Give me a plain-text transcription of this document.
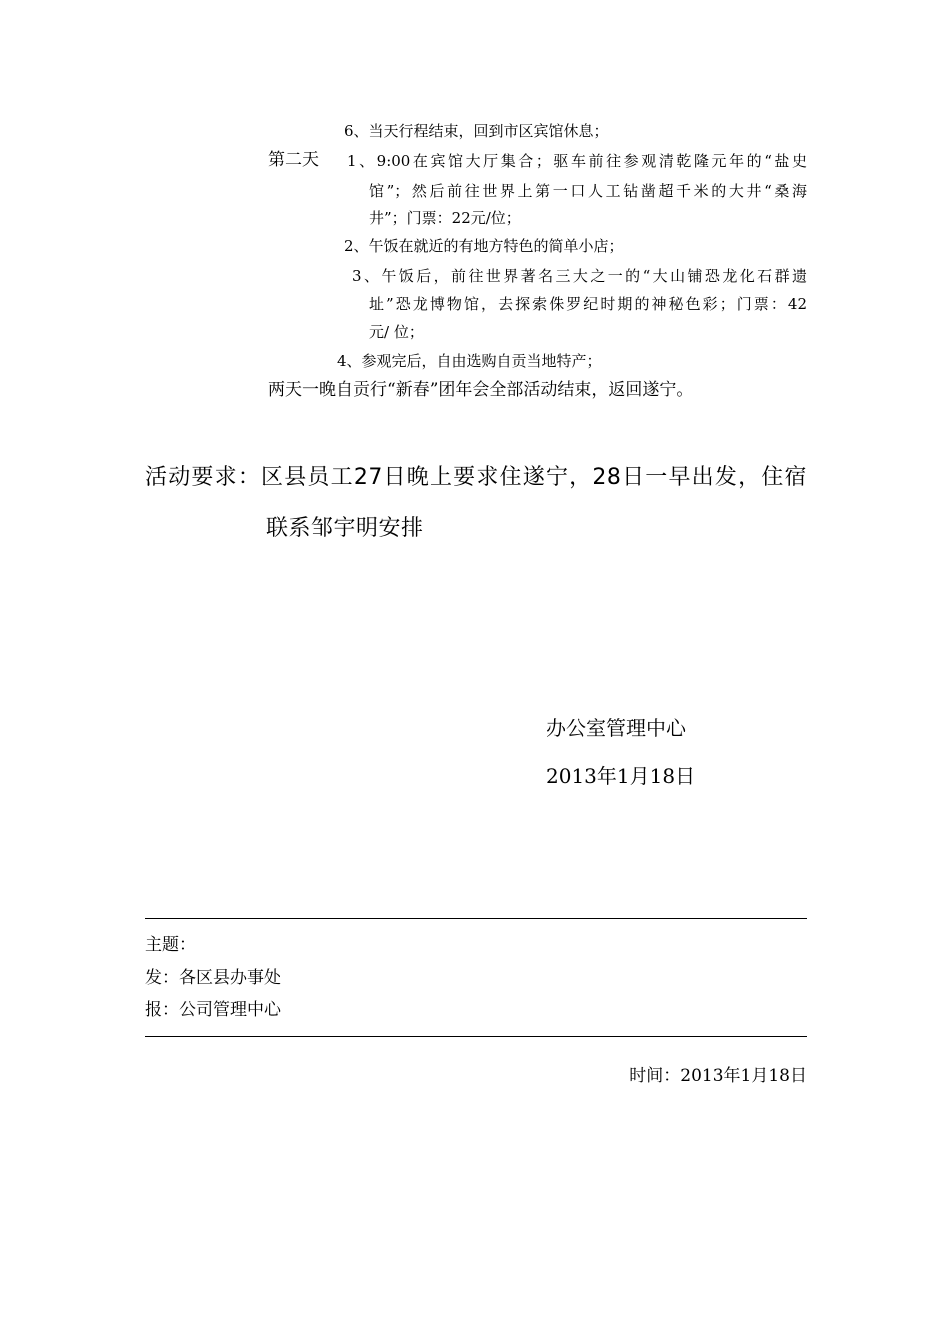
6、当天行程结束，回到市区宾馆休息；
第二天 1、9:00在宾馆大厅集合；驱车前往参观清乾隆元年的“盐史
馆”；然后前往世界上第一口人工钻凿超千米的大井“桑海
井”；门票：22元/位；
2、午饭在就近的有地方特色的简单小店；
3、午饭后，前往世界著名三大之一的“大山铺恐龙化石群遗
址”恐龙博物馆，去探索侏罗纪时期的神秘色彩；门票：42
元/ 位；
4、参观完后，自由选购自贡当地特产；
两天一晚自贡行“新春”团年会全部活动结束，返回遂宁。
活动要求：区县员工27日晚上要求住遂宁，28日一早出发，住宿
联系邹宇明安排
办公室管理中心
2013年1月18日
主题：
发：各区县办事处
报：公司管理中心
时间：2013年1月18日
